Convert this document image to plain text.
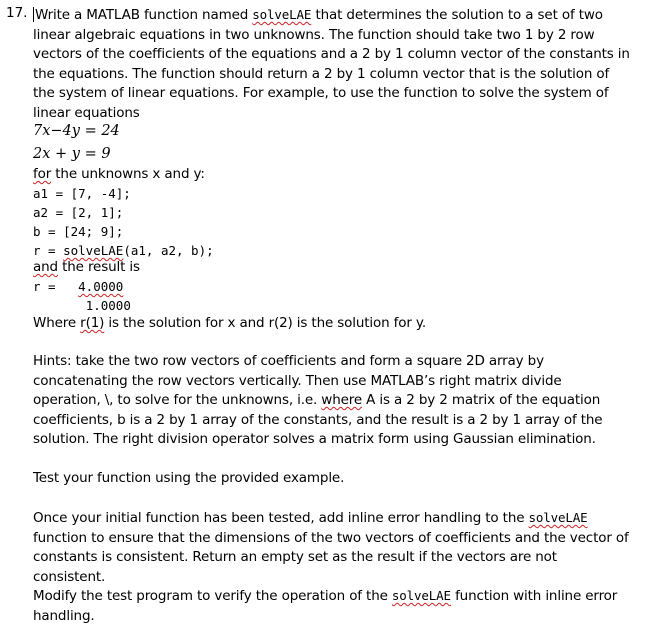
17. Write a MATLAB function named solveLAE that determines the solution to a set of two linear algebraic equations in two unknowns. The function should take two 1 by 2 row vectors of the coefficients of the equations and a 2 by 1 column vector of the constants in the equations. The function should return a 2 by 1 column vector that is the solution of the system of linear equations. For example, to use the function to solve the system of linear equations
7x−4y = 24
2x + y = 9
for the unknowns x and y:
a1 = [7, -4];
a2 = [2, 1];
b = [24; 9];
r = solveLAE(a1, a2, b);
and the result is
r = 4.0000
1.0000
Where r(1) is the solution for x and r(2) is the solution for y.
Hints: take the two row vectors of coefficients and form a square 2D array by concatenating the row vectors vertically. Then use MATLAB’s right matrix divide operation, \, to solve for the unknowns, i.e. where A is a 2 by 2 matrix of the equation coefficients, b is a 2 by 1 array of the constants, and the result is a 2 by 1 array of the solution. The right division operator solves a matrix form using Gaussian elimination.
Test your function using the provided example.
Once your initial function has been tested, add inline error handling to the solveLAE function to ensure that the dimensions of the two vectors of coefficients and the vector of constants is consistent. Return an empty set as the result if the vectors are not consistent.
Modify the test program to verify the operation of the solveLAE function with inline error handling.
